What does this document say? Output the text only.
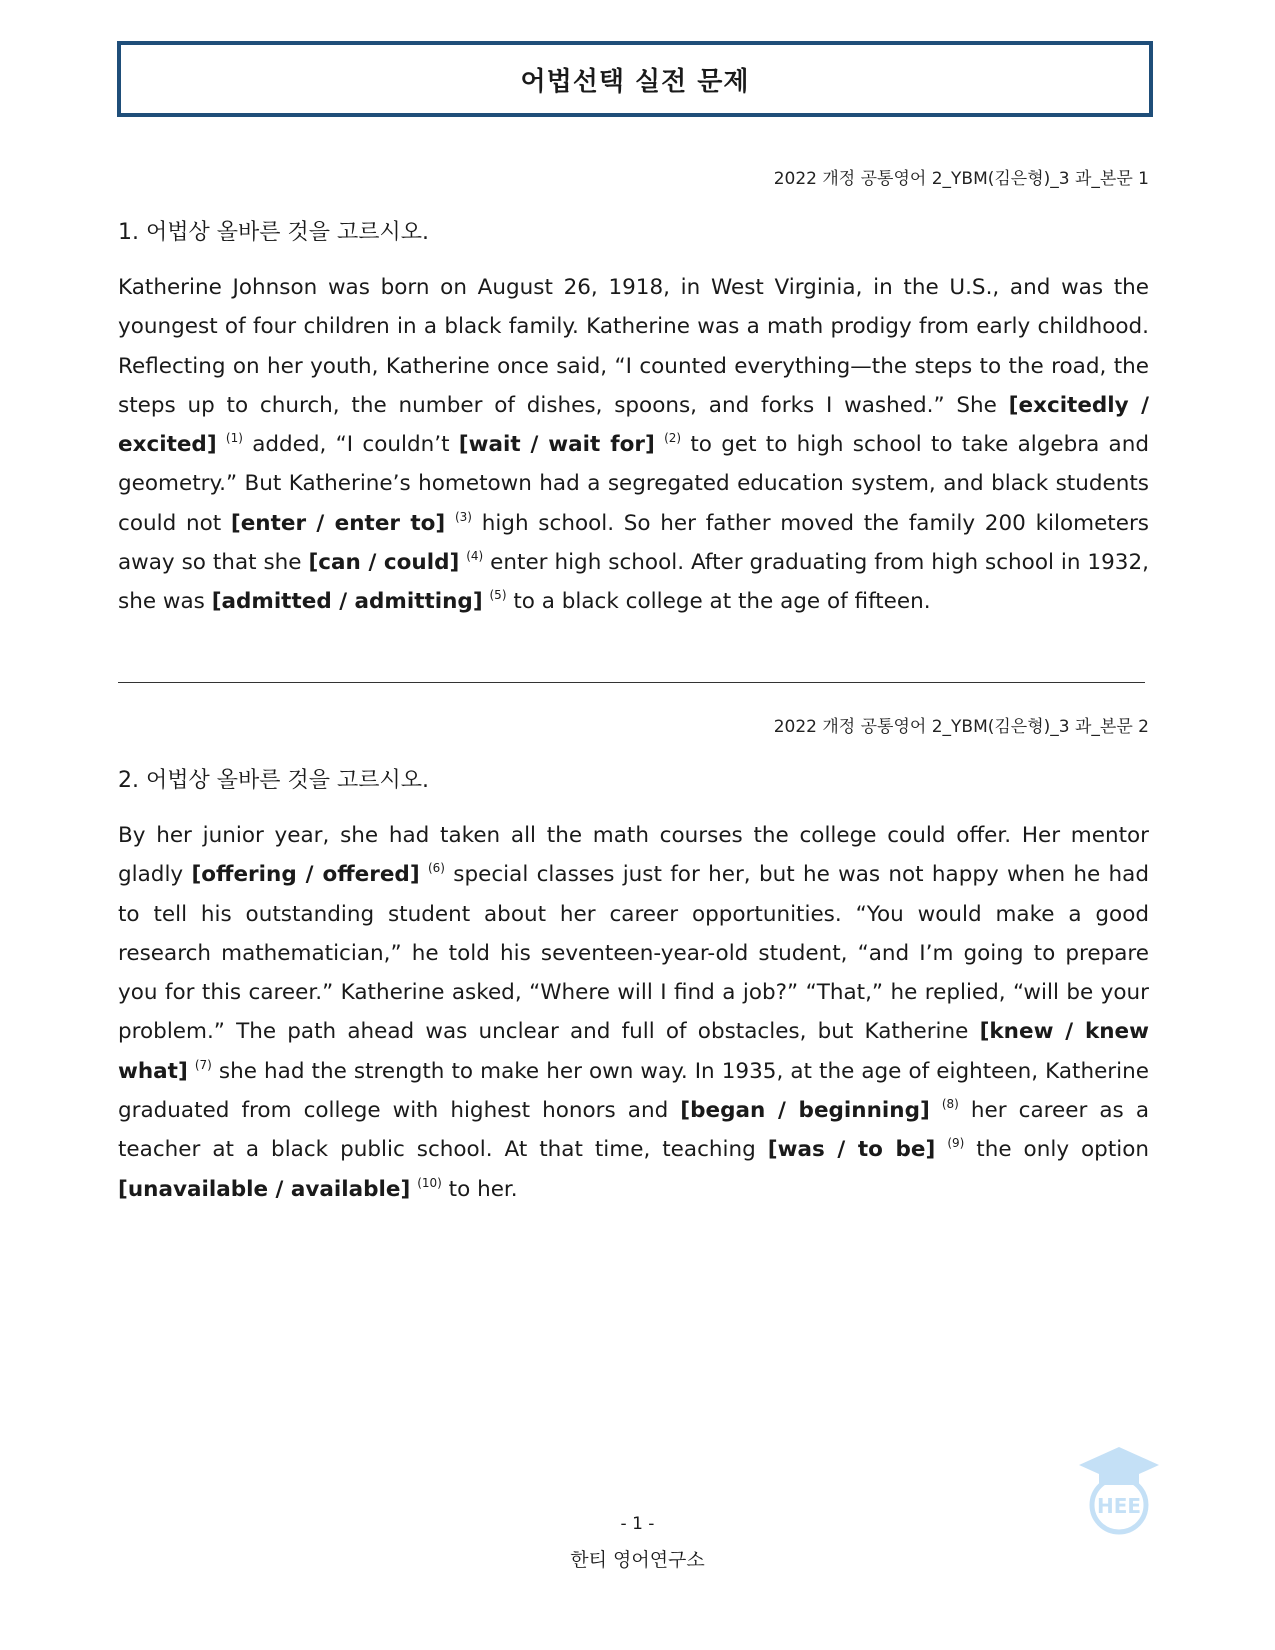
어법선택 실전 문제
2022 개정 공통영어 2_YBM(김은형)_3 과_본문 1
1. 어법상 올바른 것을 고르시오.

Katherine Johnson was born on August 26, 1918, in West Virginia, in the U.S., and was the youngest of four children in a black family. Katherine was a math prodigy from early childhood. Reflecting on her youth, Katherine once said, “I counted everything—the steps to the road, the steps up to church, the number of dishes, spoons, and forks I washed.” She [excitedly / excited] $^{(1)}$ added, “I couldn’t [wait / wait for] $^{(2)}$ to get to high school to take algebra and geometry.” But Katherine’s hometown had a segregated education system, and black students could not [enter / enter to] $^{(3)}$ high school. So her father moved the family 200 kilometers away so that she [can / could] $^{(4)}$ enter high school. After graduating from high school in 1932, she was [admitted / admitting] $^{(5)}$ to a black college at the age of fifteen.

2022 개정 공통영어 2_YBM(김은형)_3 과_본문 2
2. 어법상 올바른 것을 고르시오.

By her junior year, she had taken all the math courses the college could offer. Her mentor gladly [offering / offered] $^{(6)}$ special classes just for her, but he was not happy when he had to tell his outstanding student about her career opportunities. “You would make a good research mathematician,” he told his seventeen-year-old student, “and I’m going to prepare you for this career.” Katherine asked, “Where will I find a job?” “That,” he replied, “will be your problem.” The path ahead was unclear and full of obstacles, but Katherine [knew / knew what] $^{(7)}$ she had the strength to make her own way. In 1935, at the age of eighteen, Katherine graduated from college with highest honors and [began / beginning] $^{(8)}$ her career as a teacher at a black public school. At that time, teaching [was / to be] $^{(9)}$ the only option [unavailable / available] $^{(10)}$ to her.

- 1 -
한티 영어연구소
HEE
